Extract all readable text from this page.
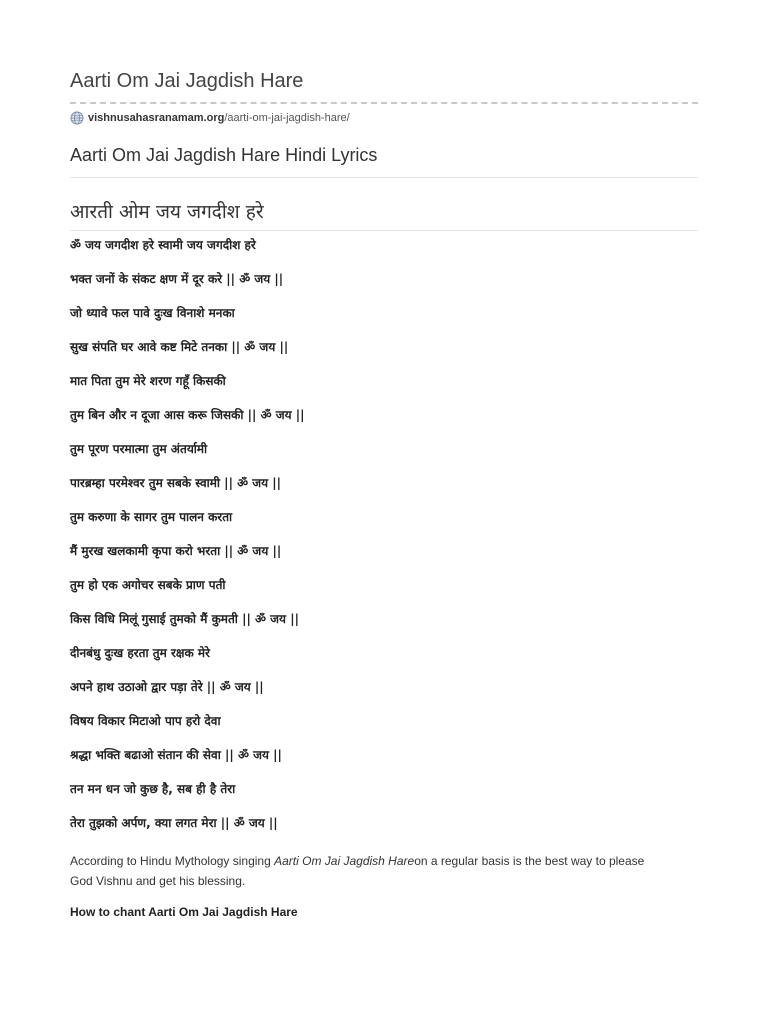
Aarti Om Jai Jagdish Hare
vishnusahasranamam.org /aarti-om-jai-jagdish-hare/
Aarti Om Jai Jagdish Hare Hindi Lyrics
आरती ओम जय जगदीश हरे
ॐ जय जगदीश हरे स्वामी जय जगदीश हरे
भक्त जनों के संकट क्षण में दूर करे || ॐ जय ||
जो ध्यावे फल पावे दुःख विनाशे मनका
सुख संपति घर आवे कष्ट मिटे तनका || ॐ जय ||
मात पिता तुम मेरे शरण गहूँ किसकी
तुम बिन और न दूजा आस करू जिसकी || ॐ जय ||
तुम पूरण परमात्मा तुम अंतर्यामी
पारब्रम्हा परमेश्वर तुम सबके स्वामी || ॐ जय ||
तुम करुणा के सागर तुम पालन करता
मैं मुरख खलकामी कृपा करो भरता || ॐ जय ||
तुम हो एक अगोचर सबके प्राण पती
किस विधि मिलूं गुसाई तुमको मैं कुमती || ॐ जय ||
दीनबंधु दुःख हरता तुम रक्षक मेरे
अपने हाथ उठाओ द्वार पड़ा तेरे || ॐ जय ||
विषय विकार मिटाओ पाप हरो देवा
श्रद्धा भक्ति बढाओ संतान की सेवा || ॐ जय ||
तन मन धन जो कुछ है, सब ही है तेरा
तेरा तुझको अर्पण, क्या लगत मेरा || ॐ जय ||

According to Hindu Mythology singing Aarti Om Jai Jagdish Hareon a regular basis is the best way to please God Vishnu and get his blessing.

How to chant Aarti Om Jai Jagdish Hare
